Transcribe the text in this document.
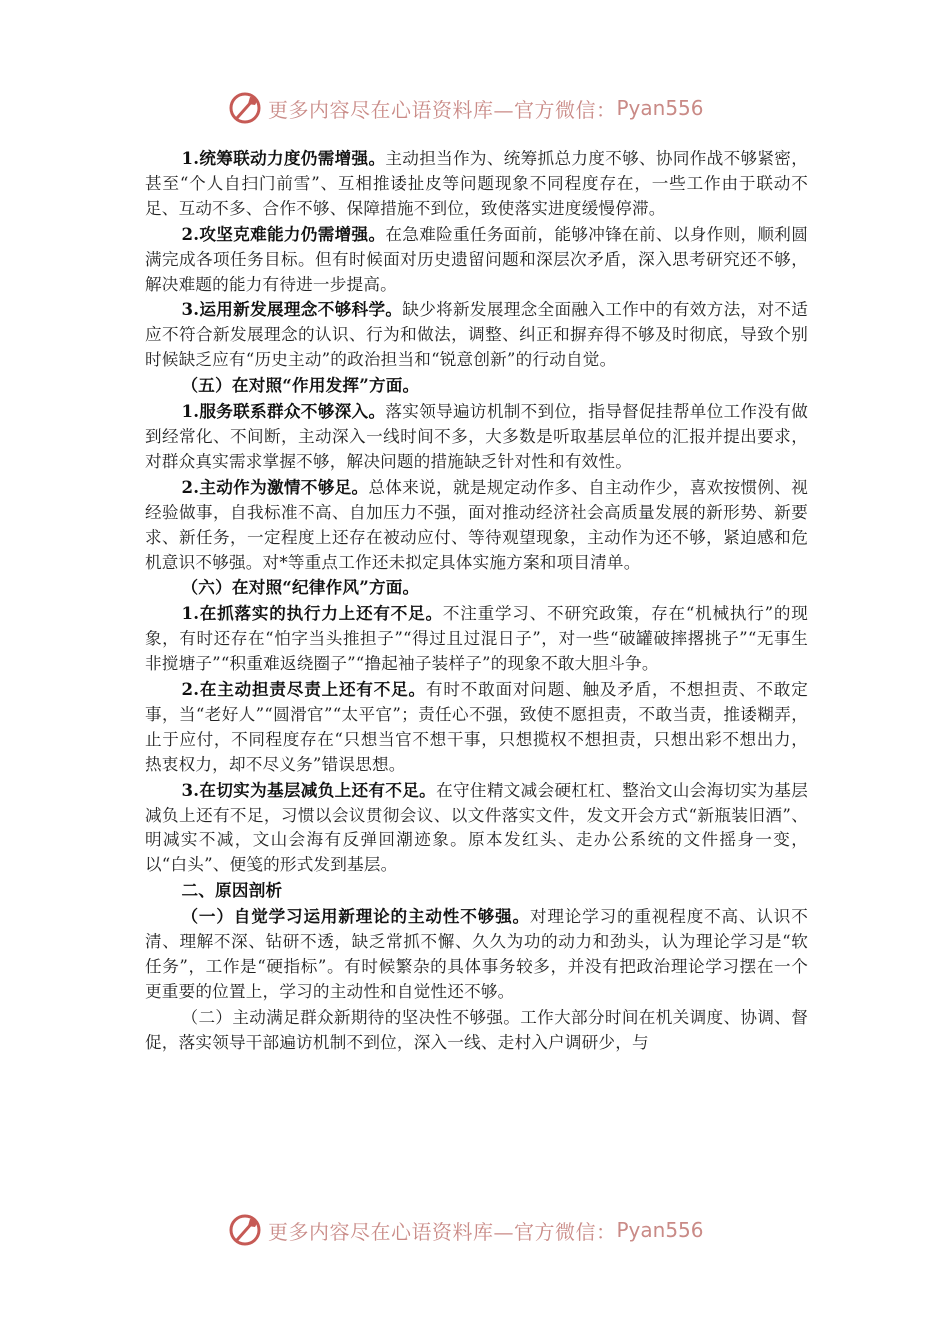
更多内容尽在心语资料库—官方微信： Pyan556

1.统筹联动力度仍需增强。主动担当作为、统筹抓总力度不够、协同作战不够紧密，甚至“个人自扫门前雪”、互相推诿扯皮等问题现象不同程度存在，一些工作由于联动不足、互动不多、合作不够、保障措施不到位，致使落实进度缓慢停滞。

2.攻坚克难能力仍需增强。在急难险重任务面前，能够冲锋在前、以身作则，顺利圆满完成各项任务目标。但有时候面对历史遗留问题和深层次矛盾，深入思考研究还不够，解决难题的能力有待进一步提高。

3.运用新发展理念不够科学。缺少将新发展理念全面融入工作中的有效方法，对不适应不符合新发展理念的认识、行为和做法，调整、纠正和摒弃得不够及时彻底，导致个别时候缺乏应有“历史主动”的政治担当和“锐意创新”的行动自觉。

（五）在对照“作用发挥”方面。

1.服务联系群众不够深入。落实领导遍访机制不到位，指导督促挂帮单位工作没有做到经常化、不间断，主动深入一线时间不多，大多数是听取基层单位的汇报并提出要求，对群众真实需求掌握不够，解决问题的措施缺乏针对性和有效性。

2.主动作为激情不够足。总体来说，就是规定动作多、自主动作少，喜欢按惯例、视经验做事，自我标准不高、自加压力不强，面对推动经济社会高质量发展的新形势、新要求、新任务，一定程度上还存在被动应付、等待观望现象，主动作为还不够，紧迫感和危机意识不够强。对*等重点工作还未拟定具体实施方案和项目清单。

（六）在对照“纪律作风”方面。

1.在抓落实的执行力上还有不足。不注重学习、不研究政策，存在“机械执行”的现象，有时还存在“怕字当头推担子”“得过且过混日子”，对一些“破罐破摔撂挑子”“无事生非搅塘子”“积重难返绕圈子”“撸起袖子装样子”的现象不敢大胆斗争。

2.在主动担责尽责上还有不足。有时不敢面对问题、触及矛盾，不想担责、不敢定事，当“老好人”“圆滑官”“太平官”；责任心不强，致使不愿担责，不敢当责，推诿糊弄，止于应付，不同程度存在“只想当官不想干事，只想揽权不想担责，只想出彩不想出力，热衷权力，却不尽义务”错误思想。

3.在切实为基层减负上还有不足。在守住精文减会硬杠杠、整治文山会海切实为基层减负上还有不足，习惯以会议贯彻会议、以文件落实文件，发文开会方式“新瓶装旧酒”、明减实不减，文山会海有反弹回潮迹象。原本发红头、走办公系统的文件摇身一变，以“白头”、便笺的形式发到基层。

二、原因剖析

（一）自觉学习运用新理论的主动性不够强。对理论学习的重视程度不高、认识不清、理解不深、钻研不透，缺乏常抓不懈、久久为功的动力和劲头，认为理论学习是“软任务”，工作是“硬指标”。有时候繁杂的具体事务较多，并没有把政治理论学习摆在一个更重要的位置上，学习的主动性和自觉性还不够。

（二）主动满足群众新期待的坚决性不够强。工作大部分时间在机关调度、协调、督促，落实领导干部遍访机制不到位，深入一线、走村入户调研少，与

更多内容尽在心语资料库—官方微信： Pyan556
